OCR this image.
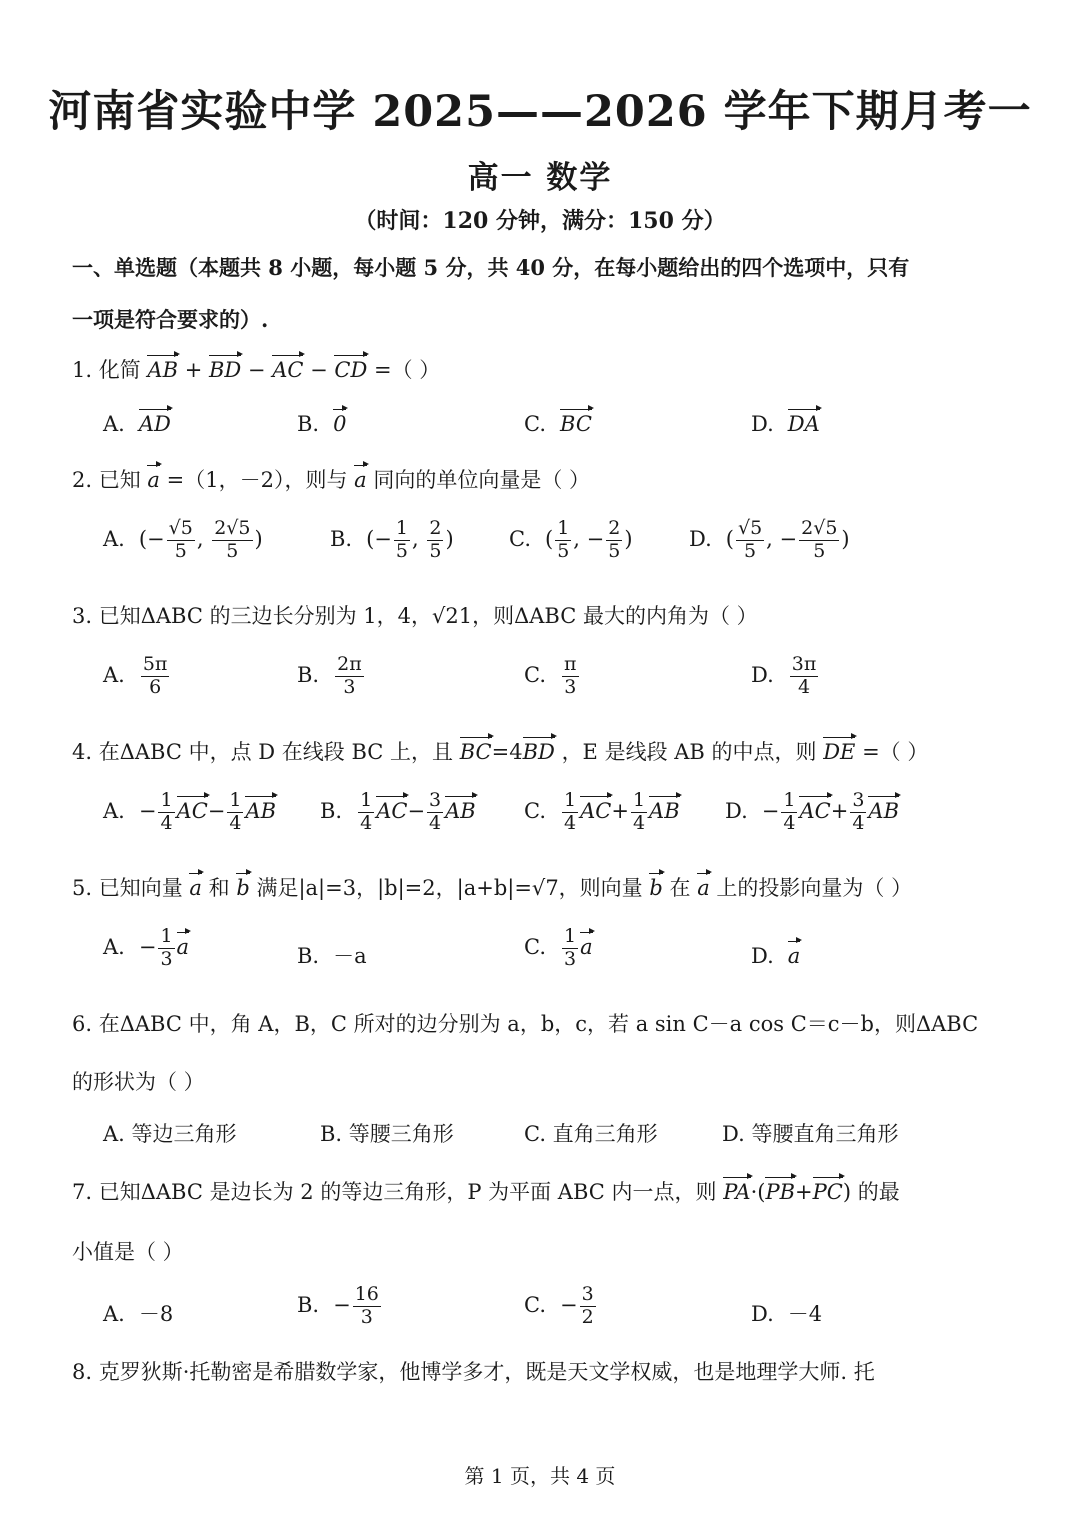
河南省实验中学 2025——2026 学年下期月考一
高一 数学
（时间：120 分钟，满分：150 分）
一、单选题（本题共 8 小题，每小题 5 分，共 40 分，在每小题给出的四个选项中，只有
一项是符合要求的）.
1. 化简 AB + BD − AC − CD =（ ）
A. AD	B. 0	C. BC	D. DA
2. 已知 a =（1，－2），则与 a 同向的单位向量是（ ）
A. (− $\frac{√5}{5}$ , $\frac{2√5}{5}$ )	B. (− $\frac{1}{5}$ , $\frac{2}{5}$ )	C. ( $\frac{1}{5}$ , − $\frac{2}{5}$ )	D. ( $\frac{√5}{5}$ , − $\frac{2√5}{5}$ )
3. 已知ΔABC 的三边长分别为 1，4，√21，则ΔABC 最大的内角为（ ）
A. $\frac{5\pi}{6}$	B. $\frac{2\pi}{3}$	C. $\frac{\pi}{3}$	D. $\frac{3\pi}{4}$
4. 在ΔABC 中，点 D 在线段 BC 上，且 BC=4BD ，E 是线段 AB 的中点，则 DE =（ ）
A. − $\frac{1}{4} AC- \frac{1}{4}$ AB B. $\frac{1}{4} AC- \frac{3}{4}$ AB C. $\frac{1}{4} AC+ \frac{1}{4}$ AB D. − $\frac{1}{4} AC+ \frac{3}{4}$ AB
5. 已知向量 a 和 b 满足|a|=3，|b|=2，|a+b|=√7，则向量 b 在 a 上的投影向量为（ ）
A. − $\frac{1}{3}$ a	B. －a	C. $\frac{1}{3}$ a	D. a
6. 在ΔABC 中，角 A，B，C 所对的边分别为 a，b，c，若 a sin C－a cos C＝c－b，则ΔABC
的形状为（ ）
A. 等边三角形	B. 等腰三角形	C. 直角三角形	D. 等腰直角三角形
7. 已知ΔABC 是边长为 2 的等边三角形，P 为平面 ABC 内一点，则 PA·(PB+PC) 的最
小值是（ ）
A. －8	B. − $\frac{16}{3}$	C. − $\frac{3}{2}$	D. －4
8. 克罗狄斯·托勒密是希腊数学家，他博学多才，既是天文学权威，也是地理学大师. 托
第 1 页，共 4 页
